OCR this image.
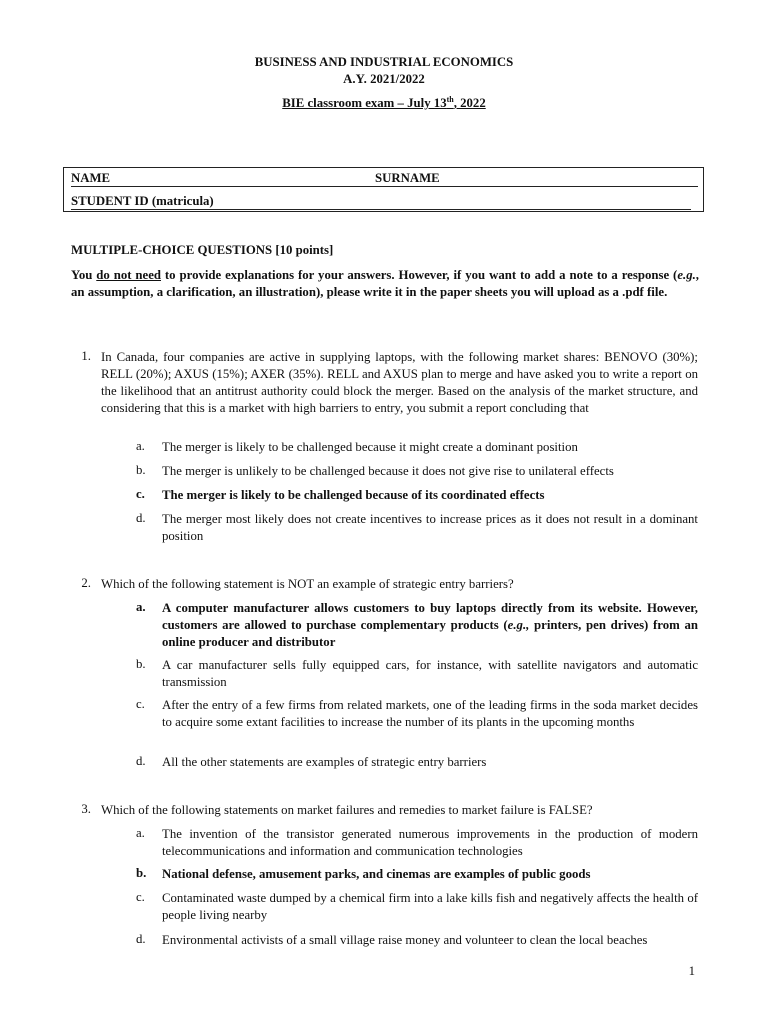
BUSINESS AND INDUSTRIAL ECONOMICS
A.Y. 2021/2022
BIE classroom exam – July 13th, 2022
NAME	SURNAME
STUDENT ID (matricula)
MULTIPLE-CHOICE QUESTIONS [10 points]
You do not need to provide explanations for your answers. However, if you want to add a note to a response (e.g., an assumption, a clarification, an illustration), please write it in the paper sheets you will upload as a .pdf file.
1. In Canada, four companies are active in supplying laptops, with the following market shares: BENOVO (30%); RELL (20%); AXUS (15%); AXER (35%). RELL and AXUS plan to merge and have asked you to write a report on the likelihood that an antitrust authority could block the merger. Based on the analysis of the market structure, and considering that this is a market with high barriers to entry, you submit a report concluding that
a.	The merger is likely to be challenged because it might create a dominant position
b.	The merger is unlikely to be challenged because it does not give rise to unilateral effects
c.	The merger is likely to be challenged because of its coordinated effects
d.	The merger most likely does not create incentives to increase prices as it does not result in a dominant position
2. Which of the following statement is NOT an example of strategic entry barriers?
a.	A computer manufacturer allows customers to buy laptops directly from its website. However, customers are allowed to purchase complementary products (e.g., printers, pen drives) from an online producer and distributor
b.	A car manufacturer sells fully equipped cars, for instance, with satellite navigators and automatic transmission
c.	After the entry of a few firms from related markets, one of the leading firms in the soda market decides to acquire some extant facilities to increase the number of its plants in the upcoming months
d.	All the other statements are examples of strategic entry barriers
3. Which of the following statements on market failures and remedies to market failure is FALSE?
a.	The invention of the transistor generated numerous improvements in the production of modern telecommunications and information and communication technologies
b. National defense, amusement parks, and cinemas are examples of public goods
c.	Contaminated waste dumped by a chemical firm into a lake kills fish and negatively affects the health of people living nearby
d.	Environmental activists of a small village raise money and volunteer to clean the local beaches
1
